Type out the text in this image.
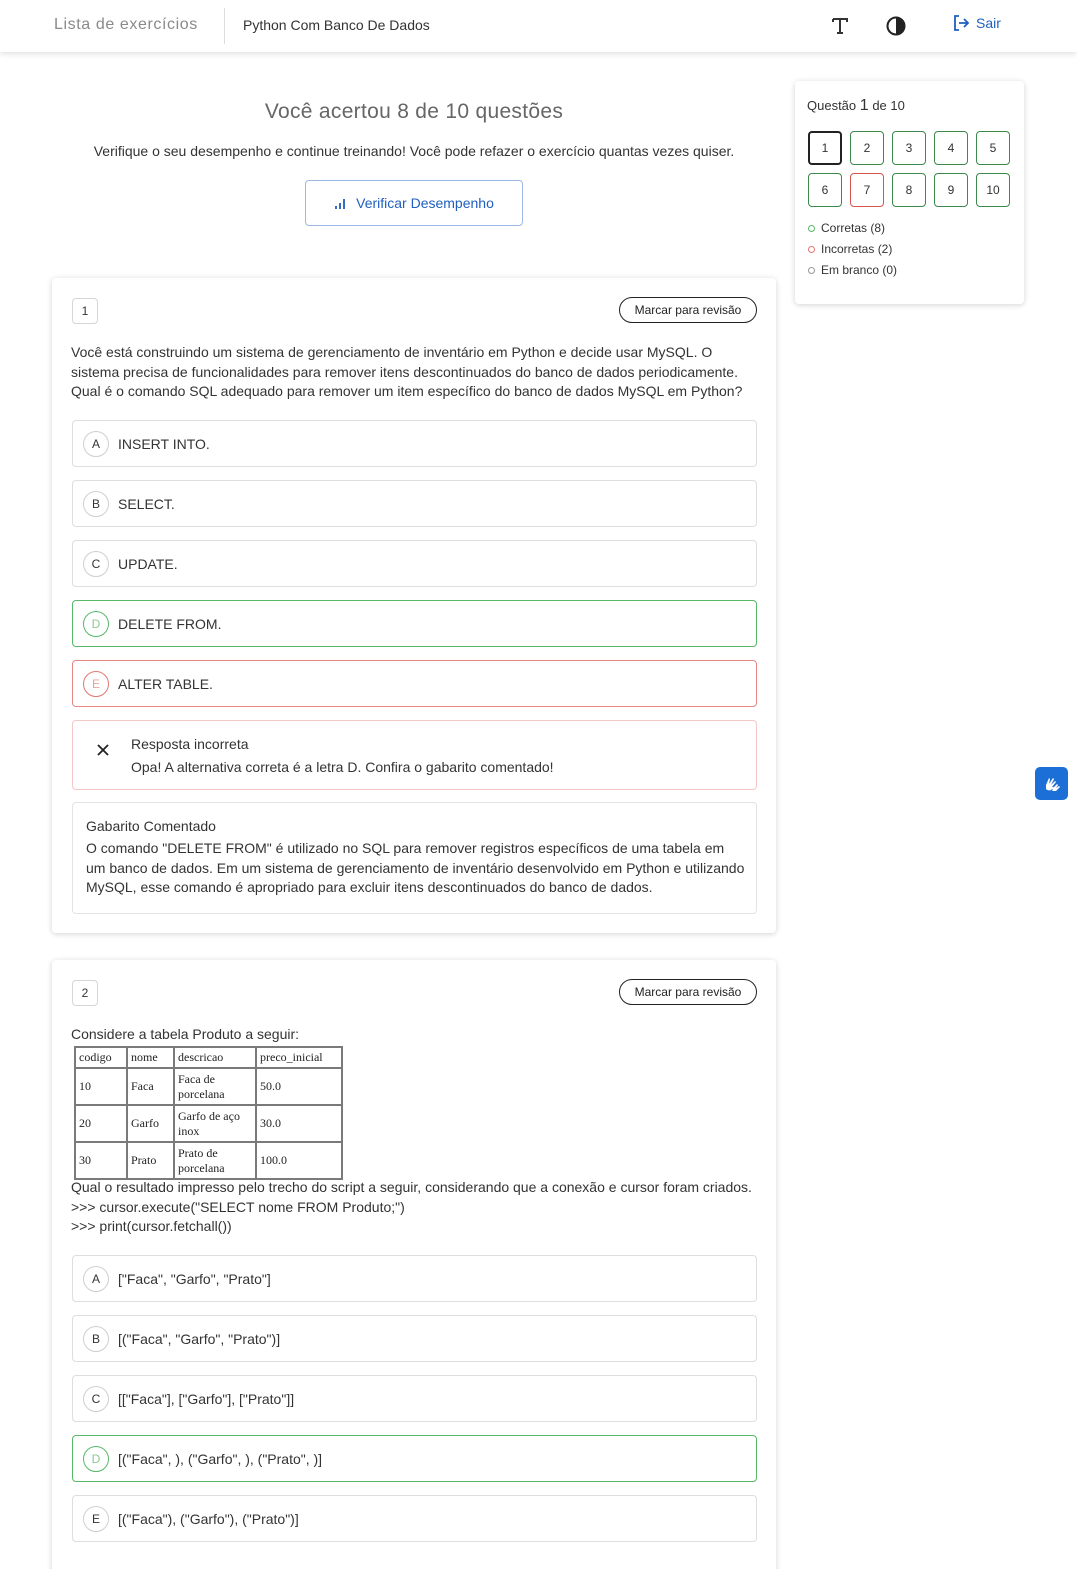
Lista de exercícios	Python Com Banco De Dados	Sair
Você acertou 8 de 10 questões
Verifique o seu desempenho e continue treinando! Você pode refazer o exercício quantas vezes quiser.
Verificar Desempenho
Questão 1 de 10
1	2	3	4	5
6	7	8	9	10
Corretas (8)
Incorretas (2)
Em branco (0)
1	Marcar para revisão
Você está construindo um sistema de gerenciamento de inventário em Python e decide usar MySQL. O sistema precisa de funcionalidades para remover itens descontinuados do banco de dados periodicamente.
Qual é o comando SQL adequado para remover um item específico do banco de dados MySQL em Python?
A	INSERT INTO.
B	SELECT.
C	UPDATE.
D	DELETE FROM.
E	ALTER TABLE.
Resposta incorreta
Opa! A alternativa correta é a letra D. Confira o gabarito comentado!
Gabarito Comentado
O comando "DELETE FROM" é utilizado no SQL para remover registros específicos de uma tabela em um banco de dados. Em um sistema de gerenciamento de inventário desenvolvido em Python e utilizando MySQL, esse comando é apropriado para excluir itens descontinuados do banco de dados.
2	Marcar para revisão
Considere a tabela Produto a seguir:
codigo	nome	descricao	preco_inicial
10	Faca	Faca de porcelana	50.0
20	Garfo	Garfo de aço inox	30.0
30	Prato	Prato de porcelana	100.0
Qual o resultado impresso pelo trecho do script a seguir, considerando que a conexão e cursor foram criados.
>>> cursor.execute("SELECT nome FROM Produto;")
>>> print(cursor.fetchall())
A	["Faca", "Garfo", "Prato"]
B	[("Faca", "Garfo", "Prato")]
C	[["Faca"], ["Garfo"], ["Prato"]]
D	[("Faca", ), ("Garfo", ), ("Prato", )]
E	[("Faca"), ("Garfo"), ("Prato")]
